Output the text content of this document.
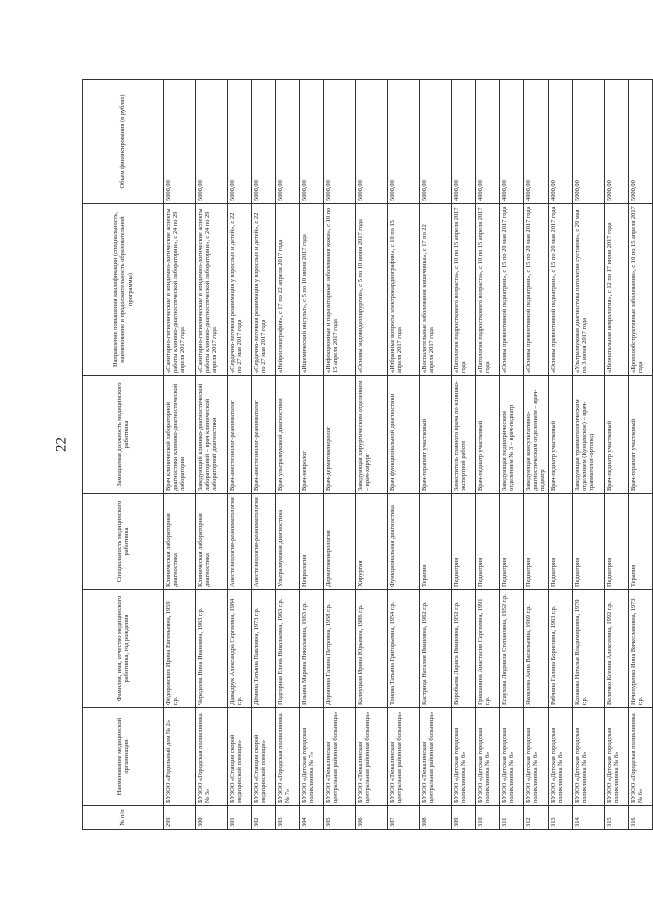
22
№ п/п	Наименование медицинской организации	Фамилия, имя, отчество медицинского работника, год рождения	Специальность медицинского работника	Замещаемая должность медицинского работника	Направление повышения квалификации (специальность, наименование и продолжительность образовательной программы)	Объем финансирования (в рублях)
299	БУЗОО «Родильный дом № 2»	Фёдоровских Ирина Евгеньевна, 1959 г.р.	Клиническая лабораторная диагностика	Врач клинической лабораторной диагностики клинико-диагностической лаборатории	«Санитарно-гигиенические и эпидемио-логические аспекты работы клинико-диагностической лаборатории», с 24 по 29 апреля 2017 года	5000,00
300	БУЗОО «Городская поликлиника № 3»	Чередеева Нина Ивановна, 1963 г.р.	Клиническая лабораторная диагностика	Заведующий клинико-диагностической лабораторией – врач клинической лабораторной диагностики	«Санитарно-гигиенические и эпидемио-логические аспекты работы клинико-диагностической лаборатории», с 24 по 29 апреля 2017 года	5000,00
301	БУЗОО «Станция скорой медицинской помощи»	Давыдрук Александра Сергеевна, 1984 г.р.	Анестезиология-реаниматология	Врач-анестезиолог-реаниматолог	«Сердечно-легочная реанимация у взрослых и детей», с 22 по 27 мая 2017 года	5000,00
302	БУЗОО «Станция скорой медицинской помощи»	Дёмина Татьяна Павловна, 1973 г.р.	Анестезиология-реаниматология	Врач-анестезиолог-реаниматолог	«Сердечно-легочная реанимация у взрослых и детей», с 22 по 27 мая 2017 года	5000,00
303	БУЗОО «Городская поликлиника № 7»	Подгорная Елена Николаевна, 1963 г.р.	Ультразвуковая диагностика	Врач ультразвуковой диагностики	«Нейросонография», с 17 по 22 апреля 2017 года	5000,00
304	БУЗОО «Детская городская поликлиника № 7»	Ильина Марина Николаевна, 1963 г.р.	Неврология	Врач-невролог	«Ишемический инсульт», с 5 по 10 июня 2017 года	5000,00
305	БУЗОО «Тюкалинская центральная районная больница»	Доронина Галина Петровна, 1958 г.р.	Дерматовенерология	Врач-дерматовенеролог	«Инфекционные и паразитарные заболевания кожи», с 10 по 15 апреля 2017 года	5000,00
306	БУЗОО «Тюкалинская центральная районная больница»	Калнуцкая Ирина Юрьевна, 1986 г.р.	Хирургия	Заведующая хирургическим отделением – врач-хирург	«Основы эндовидеохирургии», с 5 по 10 июня 2017 года	5000,00
307	БУЗОО «Тюкалинская центральная районная больница»	Тонова Татьяна Григорьевна, 1954 г.р.	Функциональная диагностика	Врач функциональной диагностики	«Избранные вопросы электрокардиографии», с 10 по 15 апреля 2017 года	5000,00
308	БУЗОО «Тюкалинская центральная районная больница»	Кастрица Наталия Ивановна, 1962 г.р.	Терапия	Врач-терапевт участковый	«Воспалительные заболевания кишечника», с 17 по 22 апреля 2017 года	5000,00
309	БУЗОО «Детская городская поликлиника № 8»	Воробьева Лариса Ивановна, 1952 г.р.	Педиатрия	Заместитель главного врача по клинико-экспертной работе	«Патология подросткового возраста», с 10 по 15 апреля 2017 года	4000,00
310	БУЗОО «Детская городская поликлиника № 8»	Гришанина Анастасия Сергеевна, 1991 г.р.	Педиатрия	Врач-педиатр участковый	«Патология подросткового возраста», с 10 по 15 апреля 2017 года	4000,00
311	БУЗОО «Детская городская поликлиника № 8»	Есаулова Людмила Степановна, 1952 г.р.	Педиатрия	Заведующая педиатрическим отделением № 3 – врач-педиатр	«Основы превентивной педиатрии», с 15 по 20 мая 2017 года	4000,00
312	БУЗОО «Детская городская поликлиника № 8»	Яковлева Анна Васильевна, 1969 г.р.	Педиатрия	Заведующая консультативно-диагностическим отделением – врач-педиатр	«Основы превентивной педиатрии», с 15 по 20 мая 2017 года	4000,00
313	БУЗОО «Детская городская поликлиника № 8»	Рябчина Галина Борисовна, 1963 г.р.	Педиатрия	Врач-педиатр участковый	«Основы превентивной педиатрии», с 15 по 20 мая 2017 года	4000,00
314	БУЗОО «Детская городская поликлиника № 8»	Казакова Наталья Владимировна, 1970 г.р.	Педиатрия	Заведующая травматологическим отделением (Кунцевское) – врач-травматолог-ортопед	«Ультразвуковая диагностика патологии суставов», с 29 мая по 3 июня 2017 года	5000,00
315	БУЗОО «Детская городская поликлиника № 8»	Величко Ксения Алексеевна, 1992 г.р.	Педиатрия	Врач-педиатр участковый	«Неонатальная неврология», с 12 по 17 июня 2017 года	5000,00
316	БУЗОО «Городская поликлиника № 6»	Нечепуренко Инна Вячеславовна, 1973 г.р.	Терапия	Врач-терапевт участковый	«Бронхообструктивные заболевания», с 10 по 15 апреля 2017 года	5000,00
